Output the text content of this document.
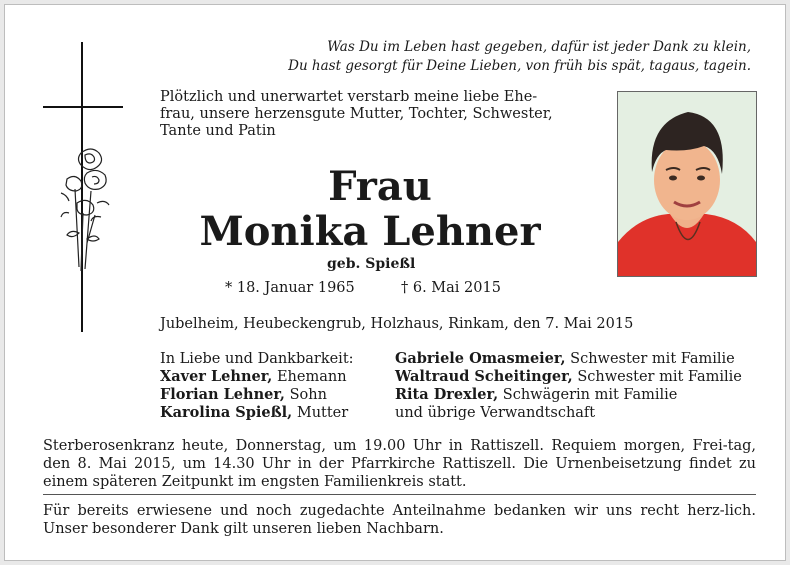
Was Du im Leben hast gegeben, dafür ist jeder Dank zu klein,
Du hast gesorgt für Deine Lieben, von früh bis spät, tagaus, tagein.
Plötzlich und unerwartet verstarb meine liebe Ehe-
frau, unsere herzensgute Mutter, Tochter, Schwester,
Tante und Patin
Frau
Monika Lehner
geb. Spießl
* 18. Januar 1965	† 6. Mai 2015
Jubelheim, Heubeckengrub, Holzhaus, Rinkam, den 7. Mai 2015
In Liebe und Dankbarkeit:
Xaver Lehner, Ehemann
Florian Lehner, Sohn
Karolina Spießl, Mutter
Gabriele Omasmeier, Schwester mit Familie
Waltraud Scheitinger, Schwester mit Familie
Rita Drexler, Schwägerin mit Familie
und übrige Verwandtschaft
Sterberosenkranz heute, Donnerstag, um 19.00 Uhr in Rattiszell. Requiem morgen, Frei-tag, den 8. Mai 2015, um 14.30 Uhr in der Pfarrkirche Rattiszell. Die Urnenbeisetzung findet zu einem späteren Zeitpunkt im engsten Familienkreis statt.
Für bereits erwiesene und noch zugedachte Anteilnahme bedanken wir uns recht herz-lich. Unser besonderer Dank gilt unseren lieben Nachbarn.
